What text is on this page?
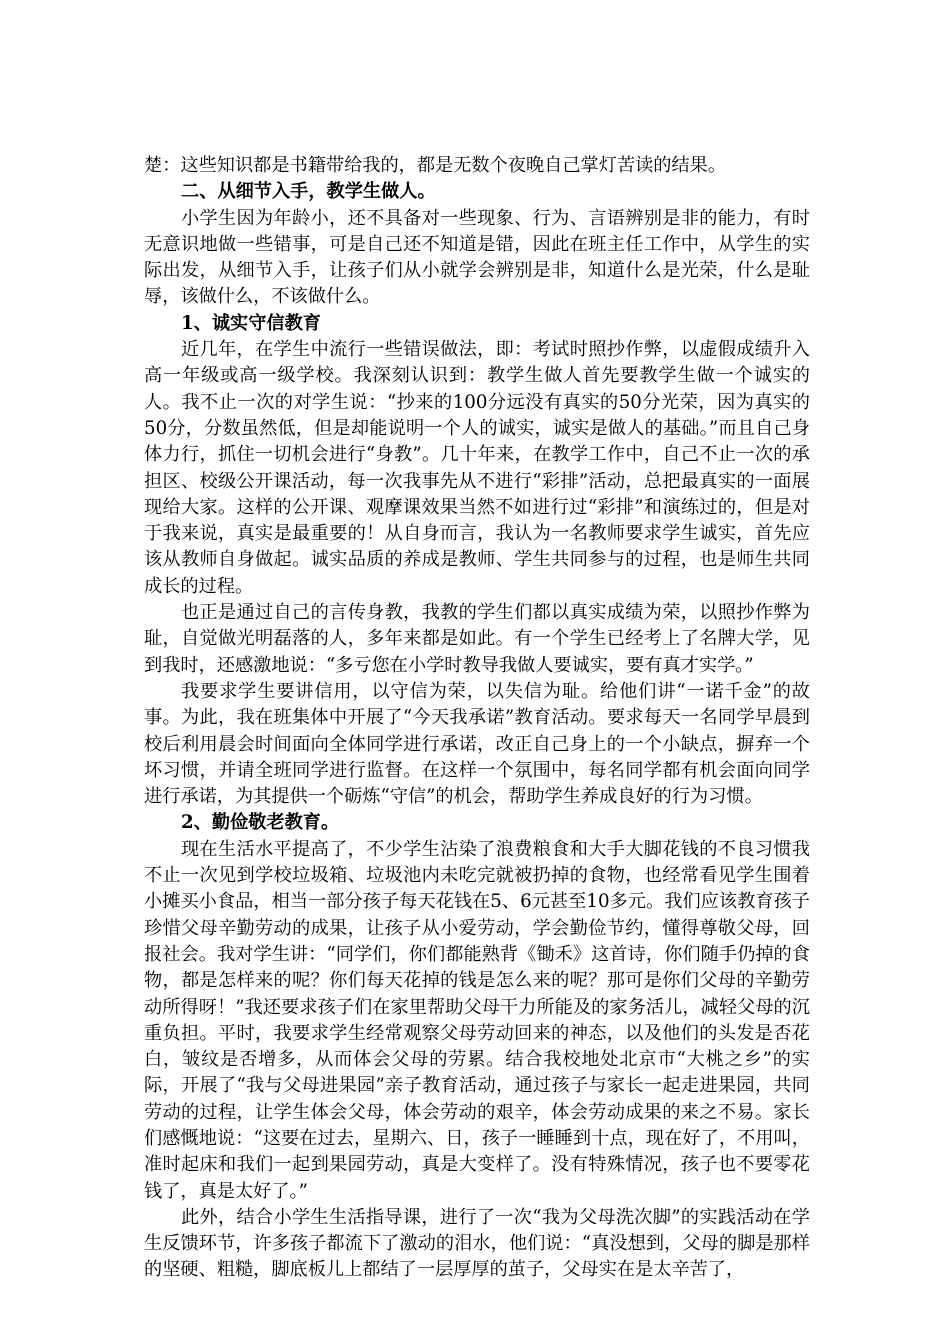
楚：这些知识都是书籍带给我的，都是无数个夜晚自己掌灯苦读的结果。

二、从细节入手，教学生做人。

小学生因为年龄小，还不具备对一些现象、行为、言语辨别是非的能力，有时无意识地做一些错事，可是自己还不知道是错，因此在班主任工作中，从学生的实际出发，从细节入手，让孩子们从小就学会辨别是非，知道什么是光荣，什么是耻辱，该做什么，不该做什么。

1、诚实守信教育

近几年，在学生中流行一些错误做法，即：考试时照抄作弊，以虚假成绩升入高一年级或高一级学校。我深刻认识到：教学生做人首先要教学生做一个诚实的人。我不止一次的对学生说：“抄来的100分远没有真实的50分光荣，因为真实的50分，分数虽然低，但是却能说明一个人的诚实，诚实是做人的基础。”而且自己身体力行，抓住一切机会进行“身教”。几十年来，在教学工作中，自己不止一次的承担区、校级公开课活动，每一次我事先从不进行“彩排”活动，总把最真实的一面展现给大家。这样的公开课、观摩课效果当然不如进行过“彩排”和演练过的，但是对于我来说，真实是最重要的！从自身而言，我认为一名教师要求学生诚实，首先应该从教师自身做起。诚实品质的养成是教师、学生共同参与的过程，也是师生共同成长的过程。

也正是通过自己的言传身教，我教的学生们都以真实成绩为荣，以照抄作弊为耻，自觉做光明磊落的人，多年来都是如此。有一个学生已经考上了名牌大学，见到我时，还感激地说：“多亏您在小学时教导我做人要诚实，要有真才实学。”

我要求学生要讲信用，以守信为荣，以失信为耻。给他们讲“一诺千金”的故事。为此，我在班集体中开展了“今天我承诺”教育活动。要求每天一名同学早晨到校后利用晨会时间面向全体同学进行承诺，改正自己身上的一个小缺点，摒弃一个坏习惯，并请全班同学进行监督。在这样一个氛围中，每名同学都有机会面向同学进行承诺，为其提供一个砺炼“守信”的机会，帮助学生养成良好的行为习惯。

2、勤俭敬老教育。

现在生活水平提高了，不少学生沾染了浪费粮食和大手大脚花钱的不良习惯我不止一次见到学校垃圾箱、垃圾池内未吃完就被扔掉的食物，也经常看见学生围着小摊买小食品，相当一部分孩子每天花钱在5、6元甚至10多元。我们应该教育孩子珍惜父母辛勤劳动的成果，让孩子从小爱劳动，学会勤俭节约，懂得尊敬父母，回报社会。我对学生讲：“同学们，你们都能熟背《锄禾》这首诗，你们随手仍掉的食物，都是怎样来的呢？你们每天花掉的钱是怎么来的呢？那可是你们父母的辛勤劳动所得呀！”我还要求孩子们在家里帮助父母干力所能及的家务活儿，减轻父母的沉重负担。平时，我要求学生经常观察父母劳动回来的神态，以及他们的头发是否花白，皱纹是否增多，从而体会父母的劳累。结合我校地处北京市“大桃之乡”的实际，开展了“我与父母进果园”亲子教育活动，通过孩子与家长一起走进果园，共同劳动的过程，让学生体会父母，体会劳动的艰辛，体会劳动成果的来之不易。家长们感慨地说：“这要在过去，星期六、日，孩子一睡睡到十点，现在好了，不用叫，准时起床和我们一起到果园劳动，真是大变样了。没有特殊情况，孩子也不要零花钱了，真是太好了。”

此外，结合小学生生活指导课，进行了一次“我为父母洗次脚”的实践活动在学生反馈环节，许多孩子都流下了激动的泪水，他们说：“真没想到，父母的脚是那样的坚硬、粗糙，脚底板儿上都结了一层厚厚的茧子，父母实在是太辛苦了，
